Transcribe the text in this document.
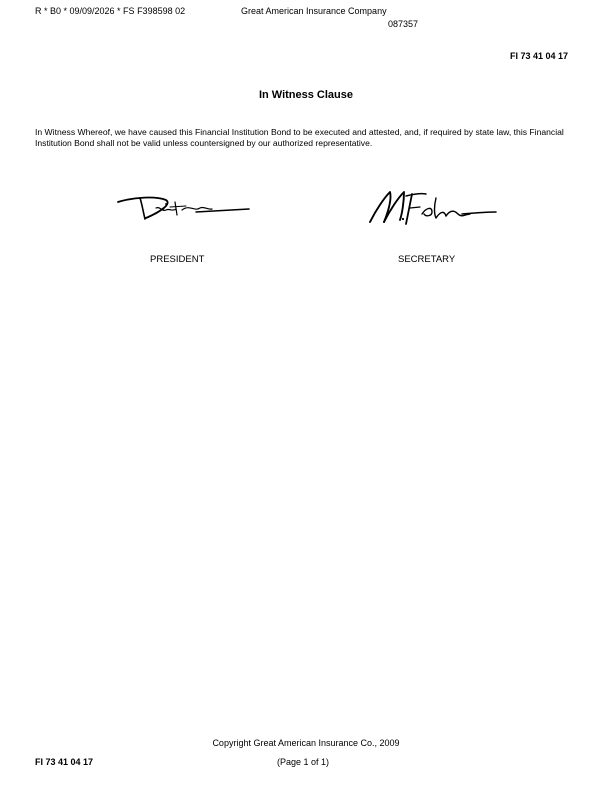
R * B0 * 09/09/2026 * FS F398598 02	Great American Insurance Company
087357
FI 73 41 04 17
In Witness Clause
In Witness Whereof, we have caused this Financial Institution Bond to be executed and attested, and, if required by state law, this Financial Institution Bond shall not be valid unless countersigned by our authorized representative.
PRESIDENT	SECRETARY
Copyright Great American Insurance Co., 2009
FI 73 41 04 17	(Page 1 of 1)
